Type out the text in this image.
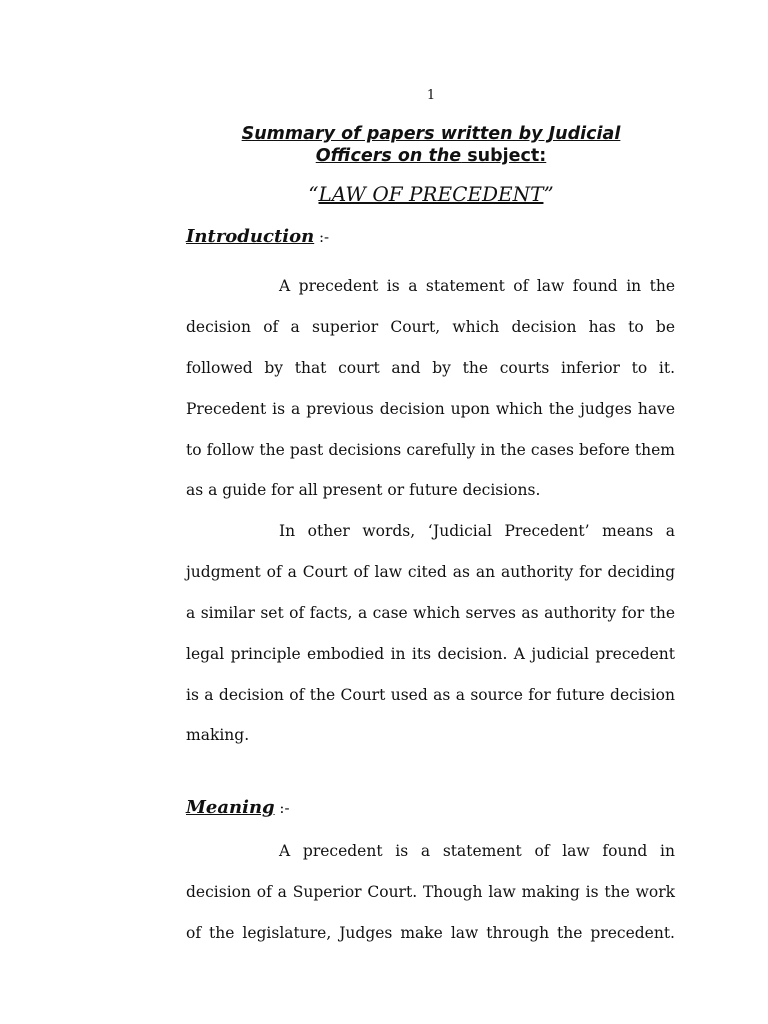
1
Summary of papers written by Judicial
Officers on the subject:
“LAW OF PRECEDENT”
Introduction :-
A precedent is a statement of law found in the
decision of a superior Court, which decision has to be
followed by that court and by the courts inferior to it.
Precedent is a previous decision upon which the judges have
to follow the past decisions carefully in the cases before them
as a guide for all present or future decisions.
In other words, ‘Judicial Precedent’ means a
judgment of a Court of law cited as an authority for deciding
a similar set of facts, a case which serves as authority for the
legal principle embodied in its decision. A judicial precedent
is a decision of the Court used as a source for future decision
making.
Meaning :-
A precedent is a statement of law found in
decision of a Superior Court. Though law making is the work
of the legislature, Judges make law through the precedent.
